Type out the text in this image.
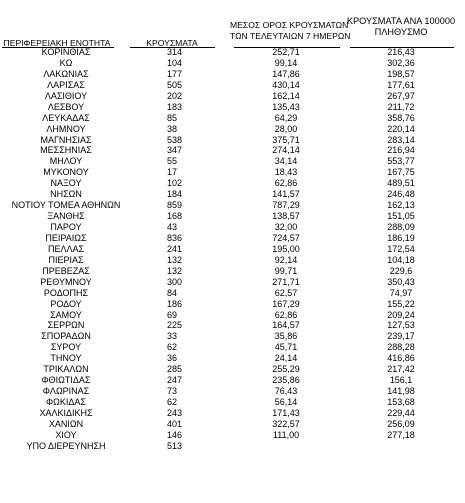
ΠΕΡΙΦΕΡΕΙΑΚΗ ΕΝΟΤΗΤΑ	ΚΡΟΥΣΜΑΤΑ
ΜΕΣΟΣ ΟΡΟΣ ΚΡΟΥΣΜΑΤΩΝ
ΤΩΝ ΤΕΛΕΥΤΑΙΩΝ 7 ΗΜΕΡΩΝ
ΚΡΟΥΣΜΑΤΑ ΑΝΑ 100000
ΠΛΗΘΥΣΜΟ
ΚΟΡΙΝΘΙΑΣ	314	252,71	216,43
ΚΩ	104	99,14	302,36
ΛΑΚΩΝΙΑΣ	177	147,86	198,57
ΛΑΡΙΣΑΣ	505	430,14	177,61
ΛΑΣΙΘΙΟΥ	202	162,14	267,97
ΛΕΣΒΟΥ	183	135,43	211,72
ΛΕΥΚΑΔΑΣ	85	64,29	358,76
ΛΗΜΝΟΥ	38	28,00	220,14
ΜΑΓΝΗΣΙΑΣ	538	375,71	283,14
ΜΕΣΣΗΝΙΑΣ	347	274,14	216,94
ΜΗΛΟΥ	55	34,14	553,77
ΜΥΚΟΝΟΥ	17	18,43	167,75
ΝΑΞΟΥ	102	62,86	489,51
ΝΗΣΩΝ	184	141,57	246,48
ΝΟΤΙΟΥ ΤΟΜΕΑ ΑΘΗΝΩΝ	859	787,29	162,13
ΞΑΝΘΗΣ	168	138,57	151,05
ΠΑΡΟΥ	43	32,00	288,09
ΠΕΙΡΑΙΩΣ	836	724,57	186,19
ΠΕΛΛΑΣ	241	195,00	172,54
ΠΙΕΡΙΑΣ	132	92,14	104,18
ΠΡΕΒΕΖΑΣ	132	99,71	229,6
ΡΕΘΥΜΝΟΥ	300	271,71	350,43
ΡΟΔΟΠΗΣ	84	62,57	74,97
ΡΟΔΟΥ	186	167,29	155,22
ΣΑΜΟΥ	69	62,86	209,24
ΣΕΡΡΩΝ	225	164,57	127,53
ΣΠΟΡΑΔΩΝ	33	35,86	239,17
ΣΥΡΟΥ	62	45,71	288,28
ΤΗΝΟΥ	36	24,14	416,86
ΤΡΙΚΑΛΩΝ	285	255,29	217,42
ΦΘΙΩΤΙΔΑΣ	247	235,86	156,1
ΦΛΩΡΙΝΑΣ	73	76,43	141,98
ΦΩΚΙΔΑΣ	62	56,14	153,68
ΧΑΛΚΙΔΙΚΗΣ	243	171,43	229,44
ΧΑΝΙΩΝ	401	322,57	256,09
ΧΙΟΥ	146	111,00	277,18
ΥΠΟ ΔΙΕΡΕΥΝΗΣΗ	513
